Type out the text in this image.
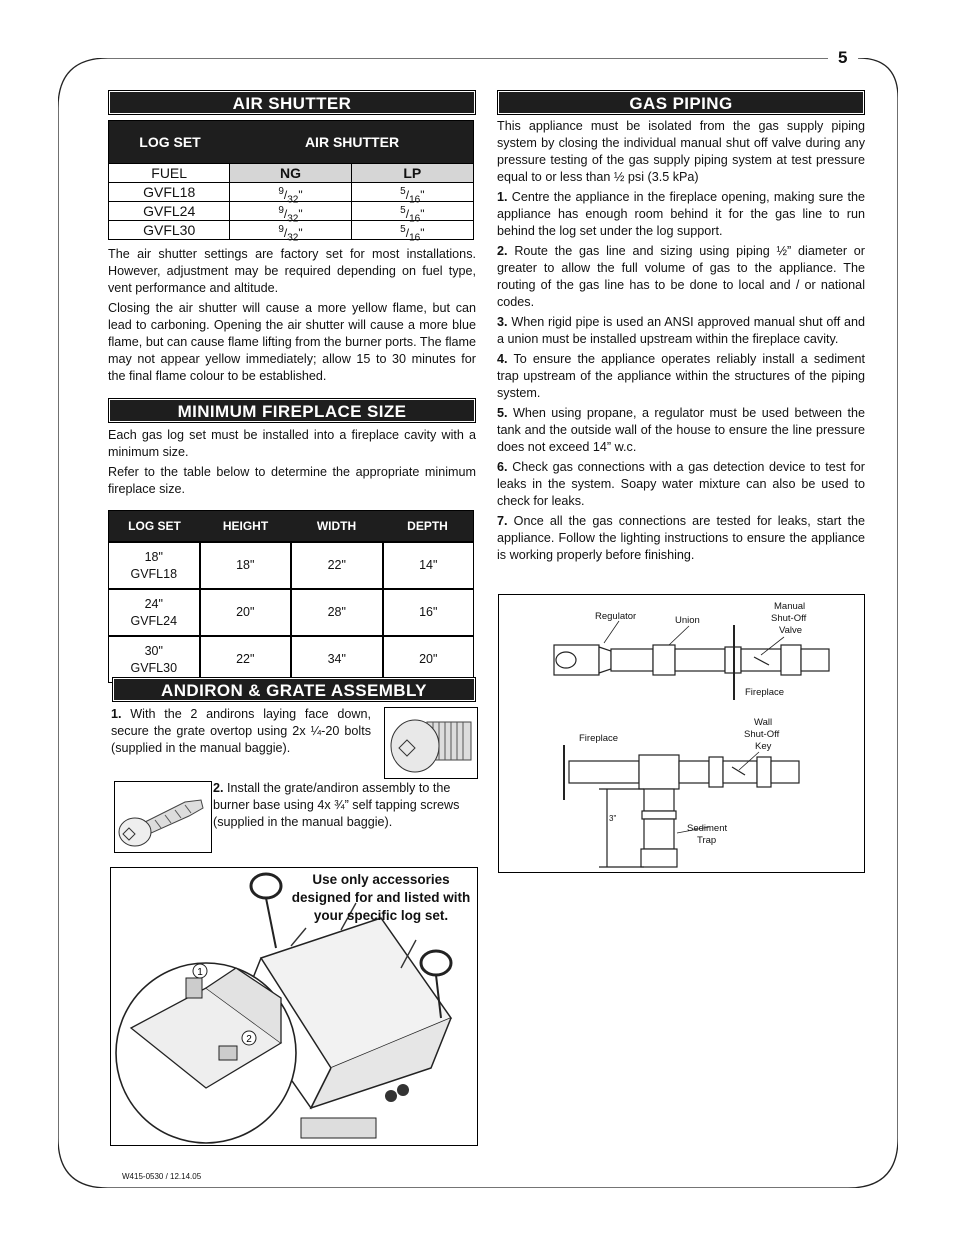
5
W415-0530 / 12.14.05
AIR SHUTTER
LOG SET	AIR SHUTTER
FUEL	NG	LP
GVFL18	$^9/_{32}$"	$^5/_{16}$"
GVFL24	$^9/_{32}$"	$^5/_{16}$"
GVFL30	$^9/_{32}$"	$^5/_{16}$"

The air shutter settings are factory set for most installations. However, adjustment may be required depending on fuel type, vent performance and altitude.

Closing the air shutter will cause a more yellow flame, but can lead to carboning. Opening the air shutter will cause a more blue flame, but can cause flame lifting from the burner ports. The flame may not appear yellow immediately; allow 15 to 30 minutes for the final flame colour to be established.

MINIMUM FIREPLACE SIZE

Each gas log set must be installed into a fireplace cavity with a minimum size.

Refer to the table below to determine the appropriate minimum fireplace size.

LOG SET	HEIGHT	WIDTH	DEPTH
18"
GVFL18
18"	22"	14"
24"
GVFL24
20"	28"	16"
30"
GVFL30
22"	34"	20"
ANDIRON & GRATE ASSEMBLY
1. With the 2 andirons laying face down, secure the grate overtop using 2x ¼-20 bolts (supplied in the manual baggie).
2. Install the grate/andiron assembly to the burner base using 4x ¾” self tapping screws (supplied in the manual baggie).
1
2
Use only accessories designed for and listed with your specific log set.
GAS PIPING

This appliance must be isolated from the gas supply piping system by closing the individual manual shut off valve during any pressure testing of the gas supply piping system at test pressure equal to or less than ½ psi (3.5 kPa)

1. Centre the appliance in the fireplace opening, making sure the appliance has enough room behind it for the gas line to run behind the log set under the log support.

2. Route the gas line and sizing using piping ½” diameter or greater to allow the full volume of gas to the appliance. The routing of the gas line has to be done to local and / or national codes.

3. When rigid pipe is used an ANSI approved manual shut off and a union must be installed upstream within the fireplace cavity.

4. To ensure the appliance operates reliably install a sediment trap upstream of the appliance within the structures of the piping system.

5. When using propane, a regulator must be used between the tank and the outside wall of the house to ensure the line pressure does not exceed 14” w.c.

6. Check gas connections with a gas detection device to test for leaks in the system. Soapy water mixture can also be used to check for leaks.

7. Once all the gas connections are tested for leaks, start the appliance. Follow the lighting instructions to ensure the appliance is working properly before finishing.

Regulator	Union
Manual
Shut-Off
Valve
Fireplace
Fireplace
Wall
Shut-Off
Key
Sediment
Trap
3"
